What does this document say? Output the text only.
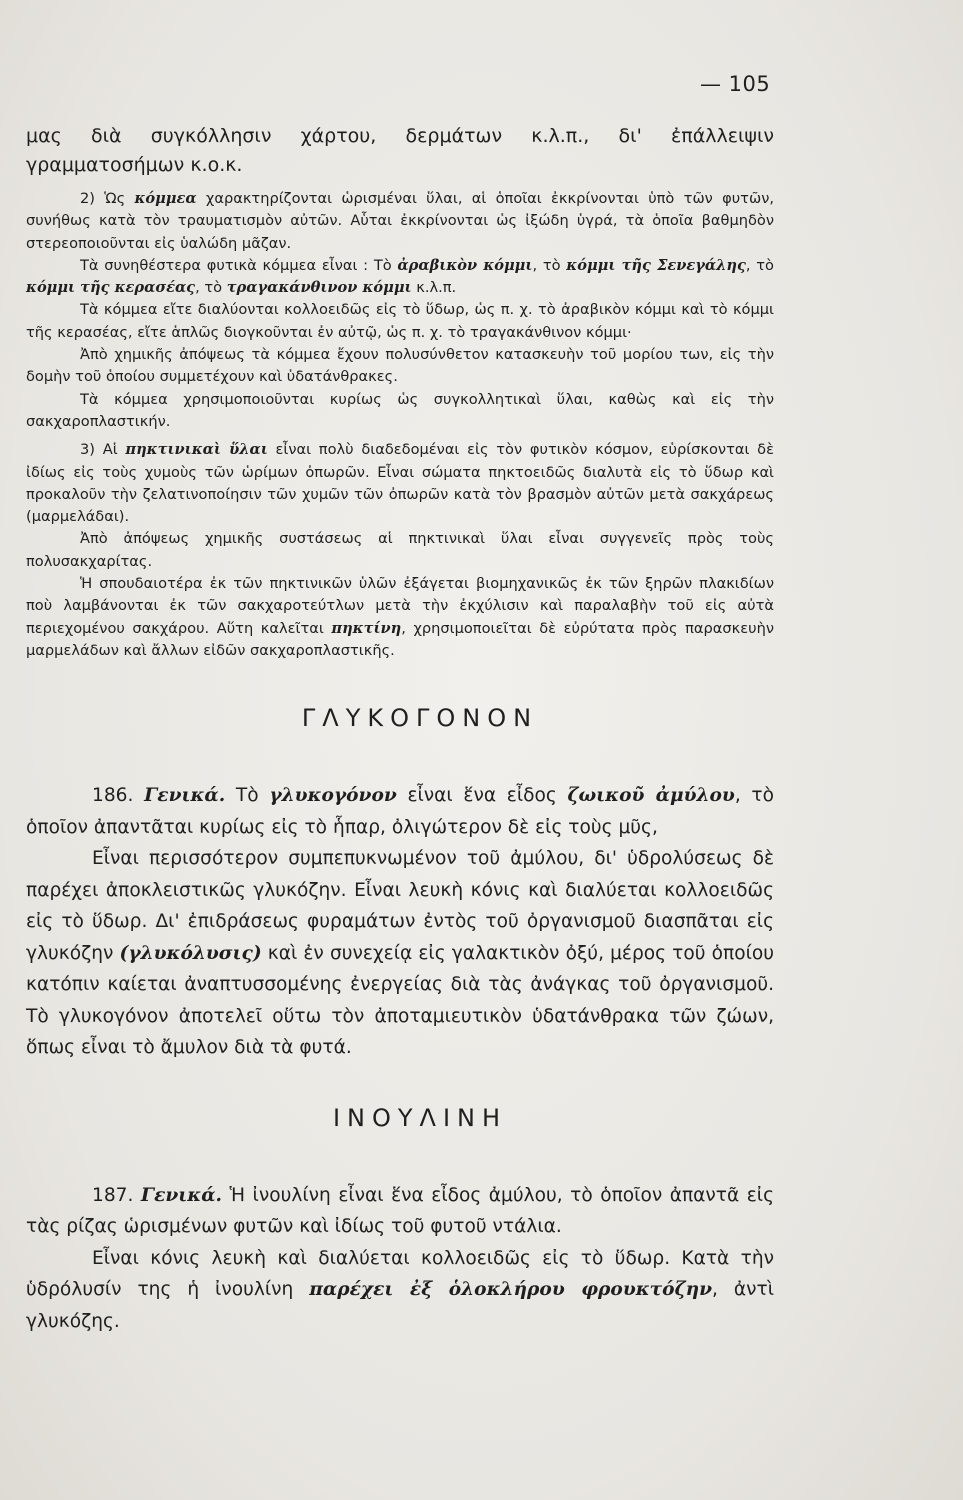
— 105

μας διὰ συγκόλλησιν χάρτου, δερμάτων κ.λ.π., δι' ἐπάλλειψιν γραμματοσήμων κ.ο.κ.

2) Ὡς κόμμεα χαρακτηρίζονται ὡρισμέναι ὕλαι, αἱ ὁποῖαι ἐκκρίνονται ὑπὸ τῶν φυτῶν, συνήθως κατὰ τὸν τραυματισμὸν αὐτῶν. Αὗται ἐκκρίνονται ὡς ἰξώδη ὑγρά, τὰ ὁποῖα βαθμηδὸν στερεοποιοῦνται εἰς ὑαλώδη μᾶζαν.

Τὰ συνηθέστερα φυτικὰ κόμμεα εἶναι : Τὸ ἀραβικὸν κόμμι, τὸ κόμμι τῆς Σενεγάλης, τὸ κόμμι τῆς κερασέας, τὸ τραγακάνθινον κόμμι κ.λ.π.

Τὰ κόμμεα εἴτε διαλύονται κολλοειδῶς εἰς τὸ ὕδωρ, ὡς π. χ. τὸ ἀραβικὸν κόμμι καὶ τὸ κόμμι τῆς κερασέας, εἴτε ἁπλῶς διογκοῦνται ἐν αὐτῷ, ὡς π. χ. τὸ τραγακάνθινον κόμμι·

Ἀπὸ χημικῆς ἀπόψεως τὰ κόμμεα ἔχουν πολυσύνθετον κατασκευὴν τοῦ μορίου των, εἰς τὴν δομὴν τοῦ ὁποίου συμμετέχουν καὶ ὑδατάνθρακες.

Τὰ κόμμεα χρησιμοποιοῦνται κυρίως ὡς συγκολλητικαὶ ὕλαι, καθὼς καὶ εἰς τὴν σακχαροπλαστικήν.

3) Αἱ πηκτινικαὶ ὕλαι εἶναι πολὺ διαδεδομέναι εἰς τὸν φυτικὸν κόσμον, εὑρίσκονται δὲ ἰδίως εἰς τοὺς χυμοὺς τῶν ὡρίμων ὀπωρῶν. Εἶναι σώματα πηκτοειδῶς διαλυτὰ εἰς τὸ ὕδωρ καὶ προκαλοῦν τὴν ζελατινοποίησιν τῶν χυμῶν τῶν ὀπωρῶν κατὰ τὸν βρασμὸν αὐτῶν μετὰ σακχάρεως (μαρμελάδαι).

Ἀπὸ ἀπόψεως χημικῆς συστάσεως αἱ πηκτινικαὶ ὕλαι εἶναι συγγενεῖς πρὸς τοὺς πολυσακχαρίτας.

Ἡ σπουδαιοτέρα ἐκ τῶν πηκτινικῶν ὑλῶν ἐξάγεται βιομηχανικῶς ἐκ τῶν ξηρῶν πλακιδίων ποὺ λαμβάνονται ἐκ τῶν σακχαροτεύτλων μετὰ τὴν ἐκχύλισιν καὶ παραλαβὴν τοῦ εἰς αὐτὰ περιεχομένου σακχάρου. Αὕτη καλεῖται πηκτίνη, χρησιμοποιεῖται δὲ εὐρύτατα πρὸς παρασκευὴν μαρμελάδων καὶ ἄλλων εἰδῶν σακχαροπλαστικῆς.

ΓΛΥΚΟΓΟΝΟΝ

186. Γενικά. Τὸ γλυκογόνον εἶναι ἕνα εἶδος ζωικοῦ ἀμύλου, τὸ ὁποῖον ἀπαντᾶται κυρίως εἰς τὸ ἧπαρ, ὀλιγώτερον δὲ εἰς τοὺς μῦς,

Εἶναι περισσότερον συμπεπυκνωμένον τοῦ ἀμύλου, δι' ὑδρολύσεως δὲ παρέχει ἀποκλειστικῶς γλυκόζην. Εἶναι λευκὴ κόνις καὶ διαλύεται κολλοειδῶς εἰς τὸ ὕδωρ. Δι' ἐπιδράσεως φυραμάτων ἐντὸς τοῦ ὀργανισμοῦ διασπᾶται εἰς γλυκόζην (γλυκόλυσις) καὶ ἐν συνεχείᾳ εἰς γαλακτικὸν ὀξύ, μέρος τοῦ ὁποίου κατόπιν καίεται ἀναπτυσσομένης ἐνεργείας διὰ τὰς ἀνάγκας τοῦ ὀργανισμοῦ. Τὸ γλυκογόνον ἀποτελεῖ οὕτω τὸν ἀποταμιευτικὸν ὑδατάνθρακα τῶν ζώων, ὅπως εἶναι τὸ ἄμυλον διὰ τὰ φυτά.

ΙΝΟΥΛΙΝΗ

187. Γενικά. Ἡ ἰνουλίνη εἶναι ἕνα εἶδος ἀμύλου, τὸ ὁποῖον ἀπαντᾶ εἰς τὰς ρίζας ὡρισμένων φυτῶν καὶ ἰδίως τοῦ φυτοῦ ντάλια.

Εἶναι κόνις λευκὴ καὶ διαλύεται κολλοειδῶς εἰς τὸ ὕδωρ. Κατὰ τὴν ὑδρόλυσίν της ἡ ἰνουλίνη παρέχει ἐξ ὁλοκλήρου φρουκτόζην, ἀντὶ γλυκόζης.
